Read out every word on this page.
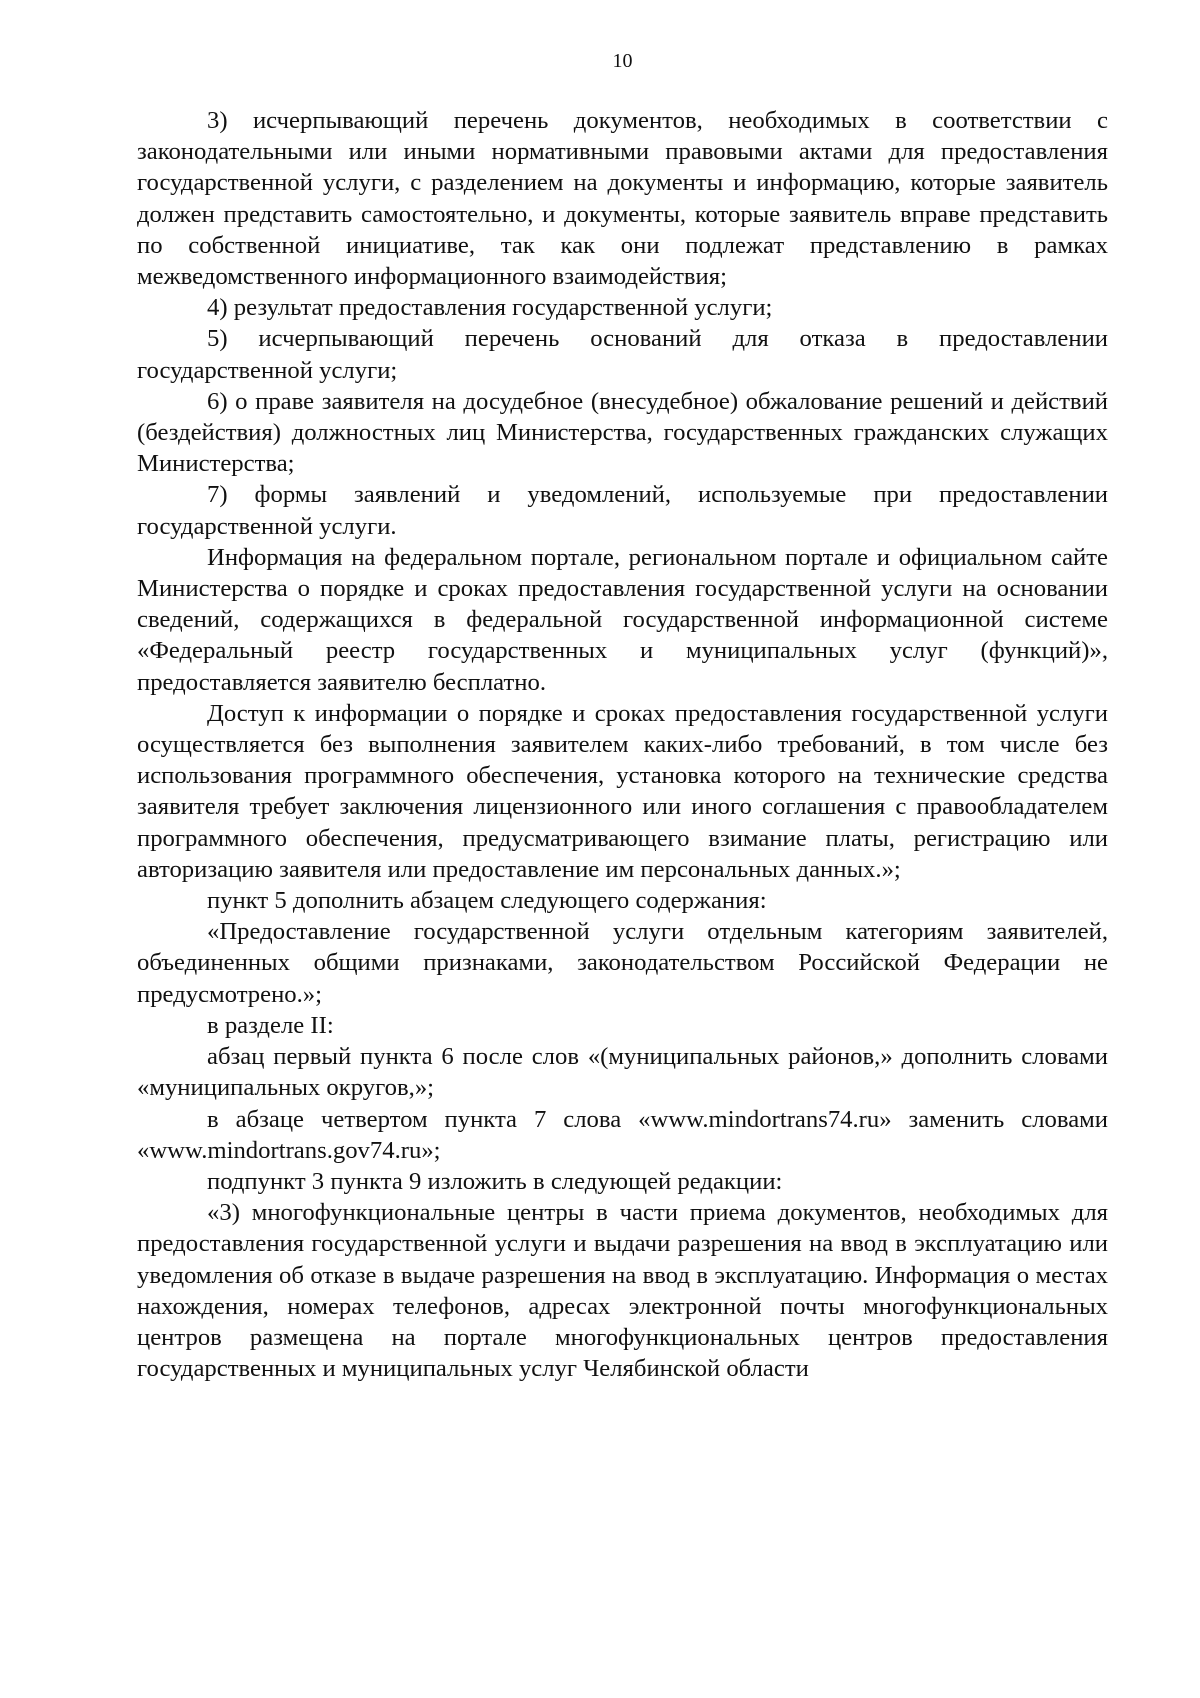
10

3) исчерпывающий перечень документов, необходимых в соответствии с законодательными или иными нормативными правовыми актами для предоставления государственной услуги, с разделением на документы и информацию, которые заявитель должен представить самостоятельно, и документы, которые заявитель вправе представить по собственной инициативе, так как они подлежат представлению в рамках межведомственного информационного взаимодействия;

4) результат предоставления государственной услуги;

5) исчерпывающий перечень оснований для отказа в предоставлении государственной услуги;

6) о праве заявителя на досудебное (внесудебное) обжалование решений и действий (бездействия) должностных лиц Министерства, государственных гражданских служащих Министерства;

7) формы заявлений и уведомлений, используемые при предоставлении государственной услуги.

Информация на федеральном портале, региональном портале и официальном сайте Министерства о порядке и сроках предоставления государственной услуги на основании сведений, содержащихся в федеральной государственной информационной системе «Федеральный реестр государственных и муниципальных услуг (функций)», предоставляется заявителю бесплатно.

Доступ к информации о порядке и сроках предоставления государственной услуги осуществляется без выполнения заявителем каких-либо требований, в том числе без использования программного обеспечения, установка которого на технические средства заявителя требует заключения лицензионного или иного соглашения с правообладателем программного обеспечения, предусматривающего взимание платы, регистрацию или авторизацию заявителя или предоставление им персональных данных.»;

пункт 5 дополнить абзацем следующего содержания:

«Предоставление государственной услуги отдельным категориям заявителей, объединенных общими признаками, законодательством Российской Федерации не предусмотрено.»;

в разделе II:

абзац первый пункта 6 после слов «(муниципальных районов,» дополнить словами «муниципальных округов,»;

в абзаце четвертом пункта 7 слова «www.mindortrans74.ru» заменить словами «www.mindortrans.gov74.ru»;

подпункт 3 пункта 9 изложить в следующей редакции:

«3) многофункциональные центры в части приема документов, необходимых для предоставления государственной услуги и выдачи разрешения на ввод в эксплуатацию или уведомления об отказе в выдаче разрешения на ввод в эксплуатацию. Информация о местах нахождения, номерах телефонов, адресах электронной почты многофункциональных центров размещена на портале многофункциональных центров предоставления государственных и муниципальных услуг Челябинской области
